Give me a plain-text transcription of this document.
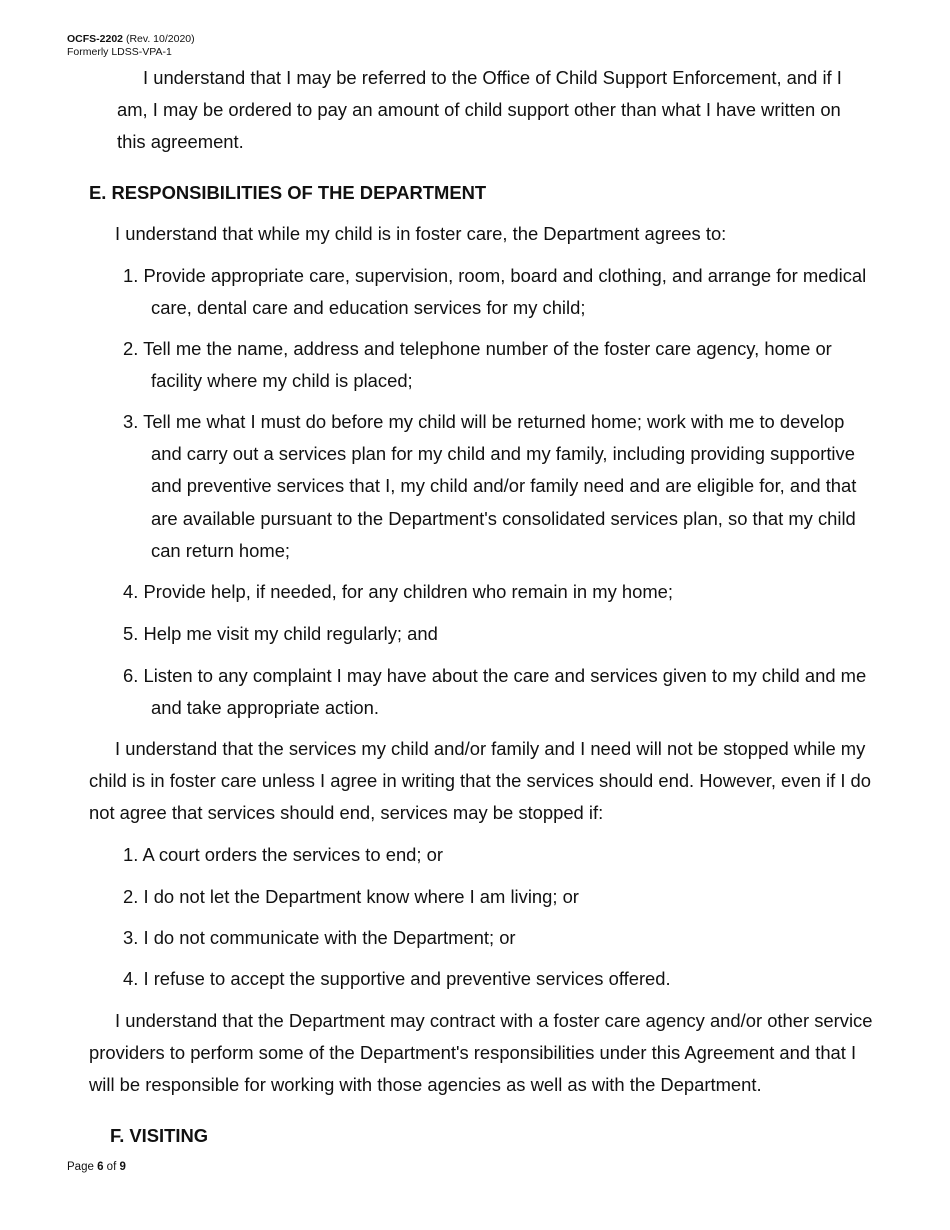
OCFS-2202 (Rev. 10/2020)
Formerly LDSS-VPA-1
I understand that I may be referred to the Office of Child Support Enforcement, and if I
am, I may be ordered to pay an amount of child support other than what I have written on
this agreement.
E. RESPONSIBILITIES OF THE DEPARTMENT
I understand that while my child is in foster care, the Department agrees to:
1. Provide appropriate care, supervision, room, board and clothing, and arrange for medical
care, dental care and education services for my child;
2. Tell me the name, address and telephone number of the foster care agency, home or
facility where my child is placed;
3. Tell me what I must do before my child will be returned home; work with me to develop
and carry out a services plan for my child and my family, including providing supportive
and preventive services that I, my child and/or family need and are eligible for, and that
are available pursuant to the Department's consolidated services plan, so that my child
can return home;
4. Provide help, if needed, for any children who remain in my home;
5. Help me visit my child regularly; and
6. Listen to any complaint I may have about the care and services given to my child and me
and take appropriate action.
I understand that the services my child and/or family and I need will not be stopped while my
child is in foster care unless I agree in writing that the services should end. However, even if I do
not agree that services should end, services may be stopped if:
1. A court orders the services to end; or
2. I do not let the Department know where I am living; or
3. I do not communicate with the Department; or
4. I refuse to accept the supportive and preventive services offered.
I understand that the Department may contract with a foster care agency and/or other service
providers to perform some of the Department's responsibilities under this Agreement and that I
will be responsible for working with those agencies as well as with the Department.
F. VISITING
Page 6 of 9
